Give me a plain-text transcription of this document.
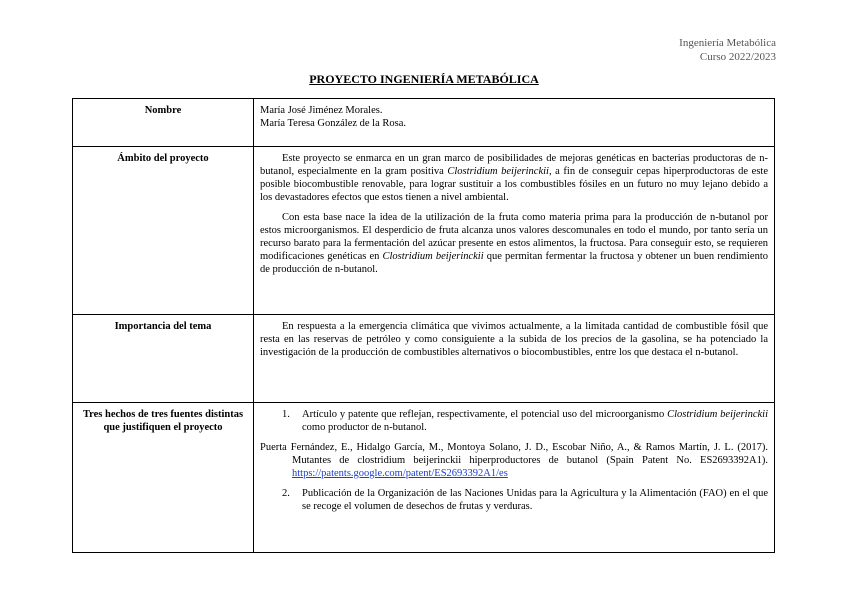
Ingeniería Metabólica
Curso 2022/2023
PROYECTO INGENIERÍA METABÓLICA
Nombre	María José Jiménez Morales.

María Teresa González de la Rosa.

Ámbito del proyecto	Este proyecto se enmarca en un gran marco de posibilidades de mejoras genéticas en bacterias productoras de n-butanol, especialmente en la gram positiva Clostridium beijerinckii, a fin de conseguir cepas hiperproductoras de este posible biocombustible renovable, para lograr sustituir a los combustibles fósiles en un futuro no muy lejano debido a los devastadores efectos que estos tienen a nivel ambiental.

Con esta base nace la idea de la utilización de la fruta como materia prima para la producción de n-butanol por estos microorganismos. El desperdicio de fruta alcanza unos valores descomunales en todo el mundo, por tanto sería un recurso barato para la fermentación del azúcar presente en estos alimentos, la fructosa. Para conseguir esto, se requieren modificaciones genéticas en Clostridium beijerinckii que permitan fermentar la fructosa y obtener un buen rendimiento de producción de n-butanol.

Importancia del tema	En respuesta a la emergencia climática que vivimos actualmente, a la limitada cantidad de combustible fósil que resta en las reservas de petróleo y como consiguiente a la subida de los precios de la gasolina, se ha potenciado la investigación de la producción de combustibles alternativos o biocombustibles, entre los que destaca el n-butanol.

Tres hechos de tres fuentes distintas que justifiquen el proyecto	1. Artículo y patente que reflejan, respectivamente, el potencial uso del microorganismo Clostridium beijerinckii como productor de n-butanol.

Puerta Fernández, E., Hidalgo García, M., Montoya Solano, J. D., Escobar Niño, A., & Ramos Martín, J. L. (2017). Mutantes de clostridium beijerinckii hiperproductores de butanol (Spain Patent No. ES2693392A1). https://patents.google.com/patent/ES2693392A1/es

2. Publicación de la Organización de las Naciones Unidas para la Agricultura y la Alimentación (FAO) en el que se recoge el volumen de desechos de frutas y verduras.
